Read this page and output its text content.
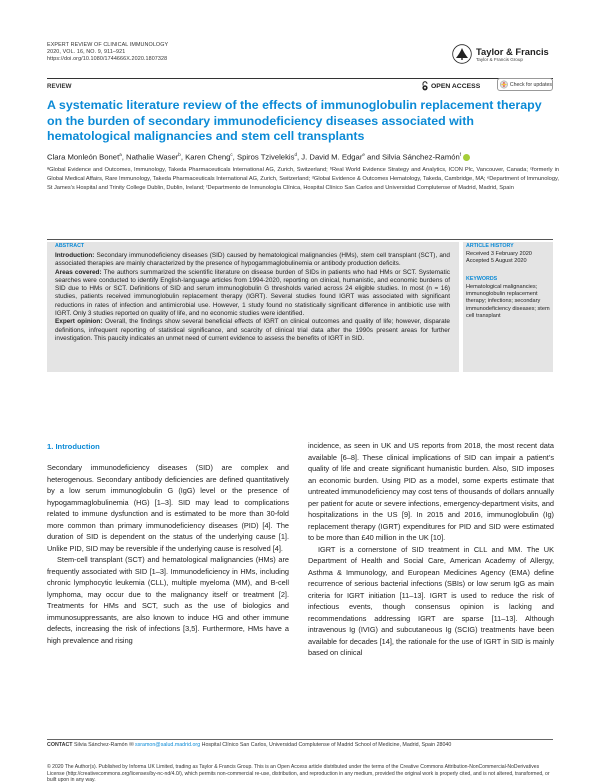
EXPERT REVIEW OF CLINICAL IMMUNOLOGY
2020, VOL. 16, NO. 9, 911–921
https://doi.org/10.1080/1744666X.2020.1807328
Taylor & Francis
Taylor & Francis Group
REVIEW	OPEN ACCESS	Check for updates
A systematic literature review of the effects of immunoglobulin replacement therapy on the burden of secondary immunodeficiency diseases associated with hematological malignancies and stem cell transplants
Clara Monleón Bonet$^a$, Nathalie Waser$^b$, Karen Cheng$^c$, Spiros Tzivelekis$^d$, J. David M. Edgar$^e$ and Silvia Sánchez-Ramón$^f$
ªGlobal Evidence and Outcomes, Immunology, Takeda Pharmaceuticals International AG, Zurich, Switzerland; ᵇReal World Evidence Strategy and Analytics, ICON Plc, Vancouver, Canada; ᶜformerly in Global Medical Affairs, Rare Immunology, Takeda Pharmaceuticals International AG, Zurich, Switzerland; ᵈGlobal Evidence & Outcomes Hematology, Takeda, Cambridge, MA; ᵉDepartment of Immunology, St James’s Hospital and Trinity College Dublin, Dublin, Ireland; ᶠDepartmento de Inmunología Clínica, Hospital Clínico San Carlos and Universidad Complutense of Madrid, Madrid, Spain
ABSTRACT

Introduction: Secondary immunodeficiency diseases (SID) caused by hematological malignancies (HMs), stem cell transplant (SCT), and associated therapies are mainly characterized by the presence of hypogammaglobulinemia or antibody production deficits.

Areas covered: The authors summarized the scientific literature on disease burden of SIDs in patients who had HMs or SCT. Systematic searches were conducted to identify English-language articles from 1994-2020, reporting on clinical, humanistic, and economic burdens of SID due to HMs or SCT. Definitions of SID and serum immunoglobulin G thresholds varied across 24 eligible studies. In most (n = 16) studies, patients received immunoglobulin replacement therapy (IGRT). Several studies found IGRT was associated with significant reductions in rates of infection and antimicrobial use. However, 1 study found no statistically significant difference in antibiotic use with IGRT. Only 3 studies reported on quality of life, and no economic studies were identified.

Expert opinion: Overall, the findings show several beneficial effects of IGRT on clinical outcomes and quality of life; however, disparate definitions, infrequent reporting of statistical significance, and scarcity of clinical trial data after the 1990s present areas for further investigation. This paucity indicates an unmet need of current evidence to assess the benefits of IGRT in SID.

ARTICLE HISTORY
Received 3 February 2020
Accepted 5 August 2020
KEYWORDS
Hematological malignancies; immunoglobulin replacement therapy; infections; secondary immunodeficiency diseases; stem cell transplant
1. Introduction

Secondary immunodeficiency diseases (SID) are complex and heterogenous. Secondary antibody deficiencies are defined quantitatively by a low serum immunoglobulin G (IgG) level or the presence of hypogammaglobulinemia (HG) [1–3]. SID may lead to complications related to immune dysfunction and is estimated to be more than 30-fold more common than primary immunodeficiency diseases (PID) [4]. The duration of SID is dependent on the status of the underlying cause [1]. Unlike PID, SID may be reversible if the underlying cause is resolved [4].

Stem-cell transplant (SCT) and hematological malignancies (HMs) are frequently associated with SID [1–3]. Immunodeficiency in HMs, including chronic lymphocytic leukemia (CLL), multiple myeloma (MM), and B-cell lymphoma, may occur due to the malignancy itself or treatment [2]. Treatments for HMs and SCT, such as the use of biologics and immunosuppressants, are also known to induce HG and other immune defects, increasing the risk of infections [3,5]. Furthermore, HMs have a high prevalence and rising

incidence, as seen in UK and US reports from 2018, the most recent data available [6–8]. These clinical implications of SID can impair a patient’s quality of life and create significant humanistic burden. Also, SID imposes an economic burden. Using PID as a model, some experts estimate that untreated immunodeficiency may cost tens of thousands of dollars annually per patient for acute or severe infections, emergency-department visits, and hospitalizations in the US [9]. In 2015 and 2016, immunoglobulin (Ig) replacement therapy (IGRT) expenditures for PID and SID were estimated to be more than £40 million in the UK [10].

IGRT is a cornerstone of SID treatment in CLL and MM. The UK Department of Health and Social Care, American Academy of Allergy, Asthma & Immunology, and European Medicines Agency (EMA) define recurrence of serious bacterial infections (SBIs) or low serum IgG as main criteria for IGRT initiation [11–13]. IGRT is used to reduce the risk of infectious events, though consensus opinion is lacking and recommendations addressing IGRT are sparse [11–13]. Although intravenous Ig (IVIG) and subcutaneous Ig (SCIG) treatments have been available for decades [14], the rationale for the use of IGRT in SID is mainly based on clinical

CONTACT Silvia Sánchez-Ramón ✉ ssramon@salud.madrid.org Hospital Clínico San Carlos, Universidad Complutense of Madrid School of Medicine, Madrid, Spain 28040
© 2020 The Author(s). Published by Informa UK Limited, trading as Taylor & Francis Group. This is an Open Access article distributed under the terms of the Creative Commons Attribution-NonCommercial-NoDerivatives License (http://creativecommons.org/licenses/by-nc-nd/4.0/), which permits non-commercial re-use, distribution, and reproduction in any medium, provided the original work is properly cited, and is not altered, transformed, or built upon in any way.
